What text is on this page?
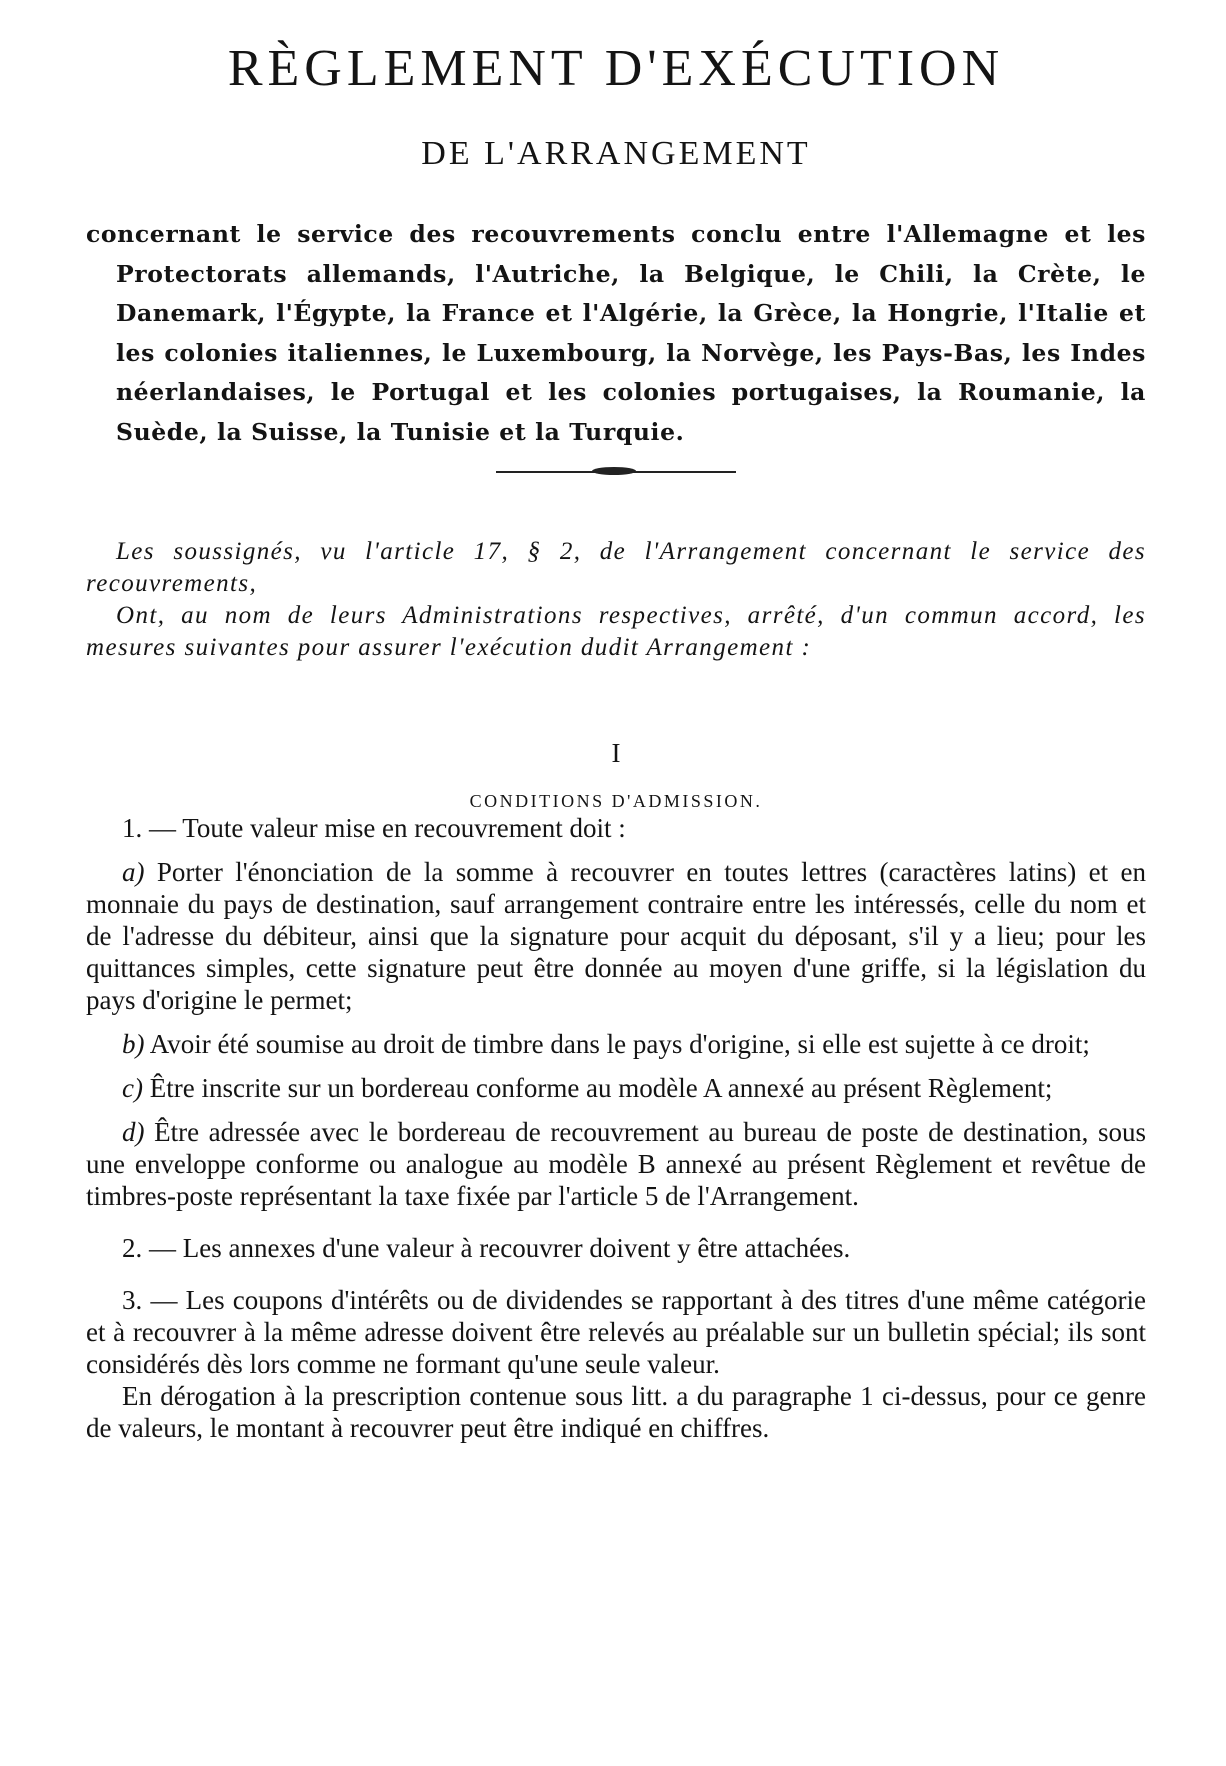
RÈGLEMENT D'EXÉCUTION
DE L'ARRANGEMENT

concernant le service des recouvrements conclu entre l'Allemagne et les Protectorats allemands, l'Autriche, la Belgique, le Chili, la Crète, le Danemark, l'Égypte, la France et l'Algérie, la Grèce, la Hongrie, l'Italie et les colonies italiennes, le Luxembourg, la Norvège, les Pays-Bas, les Indes néerlandaises, le Portugal et les colonies portugaises, la Roumanie, la Suède, la Suisse, la Tunisie et la Turquie.

Les soussignés, vu l'article 17, § 2, de l'Arrangement concernant le service des recouvrements,

Ont, au nom de leurs Administrations respectives, arrêté, d'un commun accord, les mesures suivantes pour assurer l'exécution dudit Arrangement :

I
CONDITIONS D'ADMISSION.

1. — Toute valeur mise en recouvrement doit :

a) Porter l'énonciation de la somme à recouvrer en toutes lettres (caractères latins) et en monnaie du pays de destination, sauf arrangement contraire entre les intéressés, celle du nom et de l'adresse du débiteur, ainsi que la signature pour acquit du déposant, s'il y a lieu; pour les quittances simples, cette signature peut être donnée au moyen d'une griffe, si la législation du pays d'origine le permet;

b) Avoir été soumise au droit de timbre dans le pays d'origine, si elle est sujette à ce droit;

c) Être inscrite sur un bordereau conforme au modèle A annexé au présent Règlement;

d) Être adressée avec le bordereau de recouvrement au bureau de poste de destination, sous une enveloppe conforme ou analogue au modèle B annexé au présent Règlement et revêtue de timbres-poste représentant la taxe fixée par l'article 5 de l'Arrangement.

2. — Les annexes d'une valeur à recouvrer doivent y être attachées.

3. — Les coupons d'intérêts ou de dividendes se rapportant à des titres d'une même catégorie et à recouvrer à la même adresse doivent être relevés au préalable sur un bulletin spécial; ils sont considérés dès lors comme ne formant qu'une seule valeur.

En dérogation à la prescription contenue sous litt. a du paragraphe 1 ci-dessus, pour ce genre de valeurs, le montant à recouvrer peut être indiqué en chiffres.
